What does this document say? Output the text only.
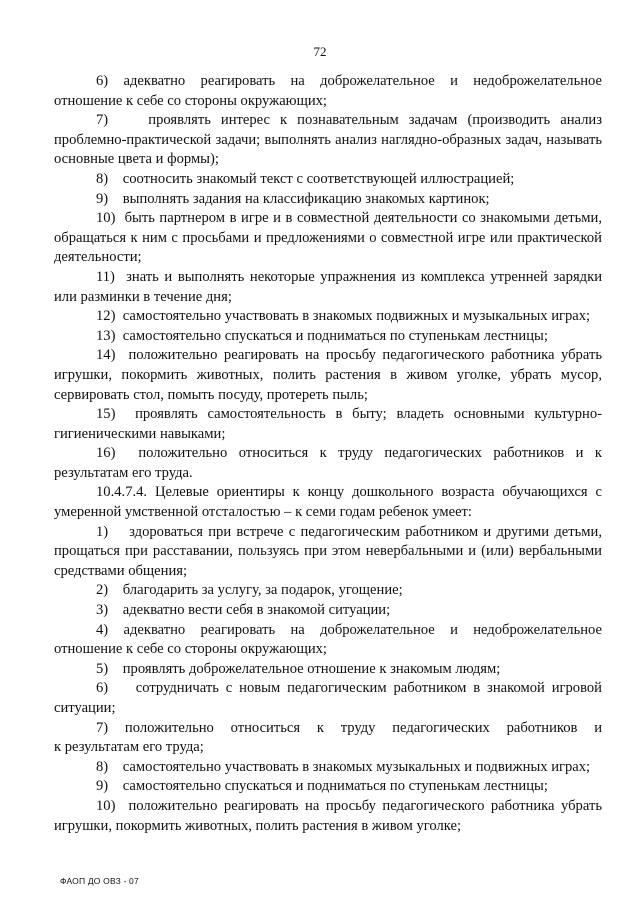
72

6)    адекватно    реагировать    на    доброжелательное    и    недоброжелательное отношение к себе со стороны окружающих;

7)    проявлять интерес к познавательным задачам (производить анализ проблемно-практической задачи; выполнять анализ наглядно-образных задач, называть основные цвета и формы);

8)    соотносить знакомый текст с соответствующей иллюстрацией;

9)    выполнять задания на классификацию знакомых картинок;

10)  быть партнером в игре и в совместной деятельности со знакомыми детьми, обращаться к ним с просьбами и предложениями о совместной игре или практической деятельности;

11)  знать и выполнять некоторые упражнения из комплекса утренней зарядки или разминки в течение дня;

12)  самостоятельно участвовать в знакомых подвижных и музыкальных играх;

13)  самостоятельно спускаться и подниматься по ступенькам лестницы;

14)  положительно реагировать на просьбу педагогического работника убрать игрушки, покормить животных, полить растения в живом уголке, убрать мусор, сервировать стол, помыть посуду, протереть пыль;

15)  проявлять самостоятельность в быту; владеть основными культурно-гигиеническими навыками;

16)  положительно относиться к труду педагогических работников и к результатам его труда.

10.4.7.4. Целевые ориентиры к концу дошкольного возраста обучающихся с умеренной умственной отсталостью – к семи годам ребенок умеет:

1)    здороваться при встрече с педагогическим работником и другими детьми, прощаться при расставании, пользуясь при этом невербальными и (или) вербальными средствами общения;

2)    благодарить за услугу, за подарок, угощение;

3)    адекватно вести себя в знакомой ситуации;

4)    адекватно    реагировать    на    доброжелательное    и    недоброжелательное отношение к себе со стороны окружающих;

5)    проявлять доброжелательное отношение к знакомым людям;

6)    сотрудничать с новым педагогическим работником в знакомой игровой ситуации;

7)    положительно    относиться    к    труду    педагогических    работников    и    к результатам его труда;

8)    самостоятельно участвовать в знакомых музыкальных и подвижных играх;

9)    самостоятельно спускаться и подниматься по ступенькам лестницы;

10)  положительно реагировать на просьбу педагогического работника убрать игрушки, покормить животных, полить растения в живом уголке;

ФАОП ДО ОВЗ - 07
